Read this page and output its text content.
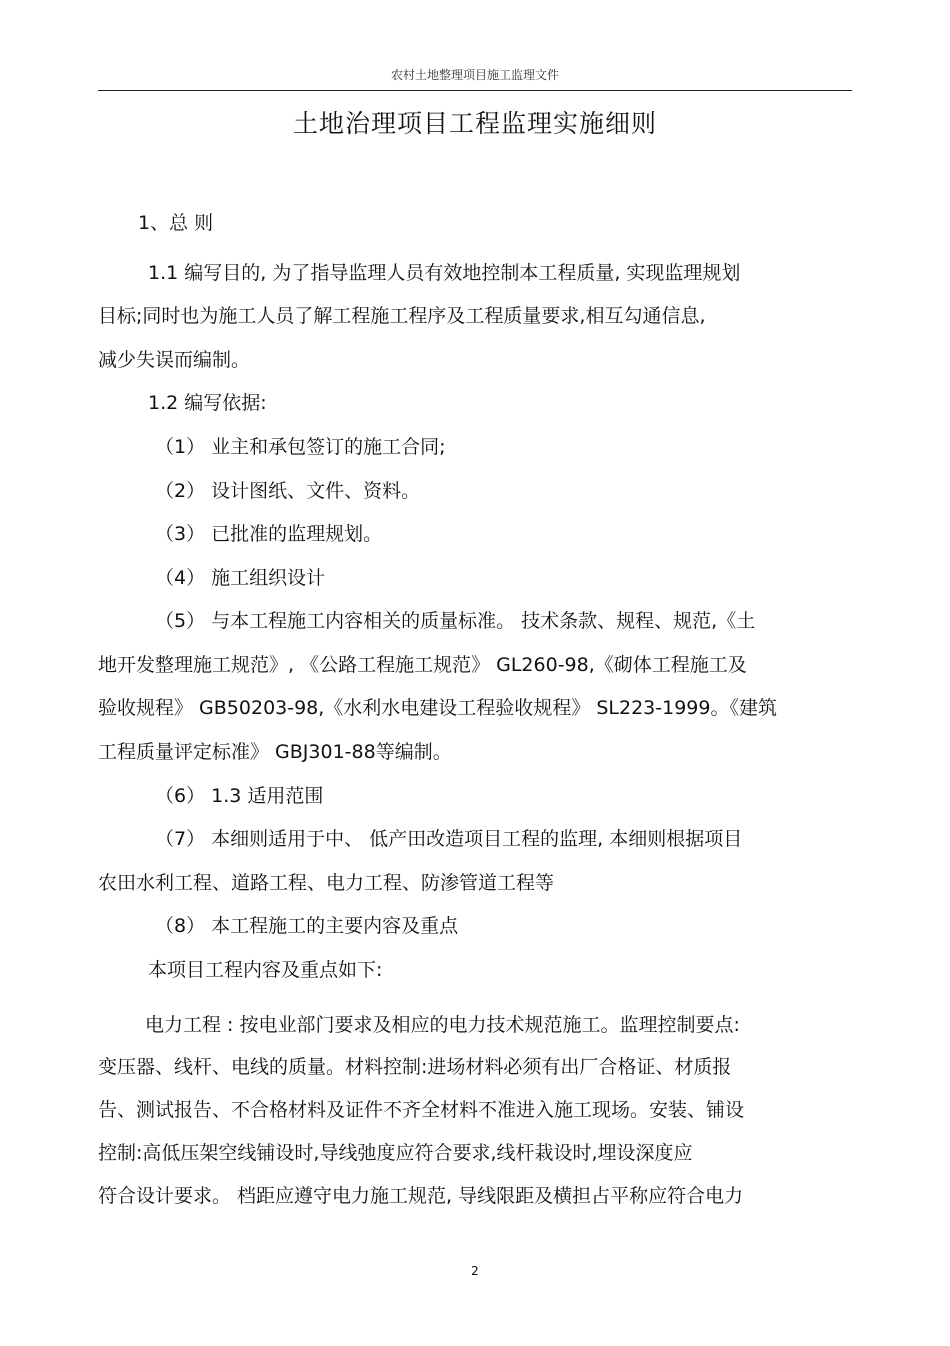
农村土地整理项目施工监理文件
土地治理项目工程监理实施细则
1、总 则
1.1 编写目的, 为了指导监理人员有效地控制本工程质量, 实现监理规划
目标;同时也为施工人员了解工程施工程序及工程质量要求,相互勾通信息,
减少失误而编制。
1.2 编写依据:
（1） 业主和承包签订的施工合同;
（2） 设计图纸、文件、资料。
（3） 已批准的监理规划。
（4） 施工组织设计
（5） 与本工程施工内容相关的质量标准。 技术条款、规程、规范,《土
地开发整理施工规范》, 《公路工程施工规范》 GL260-98,《砌体工程施工及
验收规程》 GB50203-98,《水利水电建设工程验收规程》 SL223-1999。《建筑
工程质量评定标准》 GBJ301-88等编制。
（6） 1.3 适用范围
（7） 本细则适用于中、 低产田改造项目工程的监理, 本细则根据项目
农田水利工程、道路工程、电力工程、防渗管道工程等
（8） 本工程施工的主要内容及重点
本项目工程内容及重点如下:
电力工程 : 按电业部门要求及相应的电力技术规范施工。监理控制要点:
变压器、线杆、电线的质量。材料控制:进场材料必须有出厂合格证、材质报
告、测试报告、不合格材料及证件不齐全材料不准进入施工现场。安装、铺设
控制:高低压架空线铺设时,导线弛度应符合要求,线杆栽设时,埋设深度应
符合设计要求。 档距应遵守电力施工规范, 导线限距及横担占平称应符合电力
2
